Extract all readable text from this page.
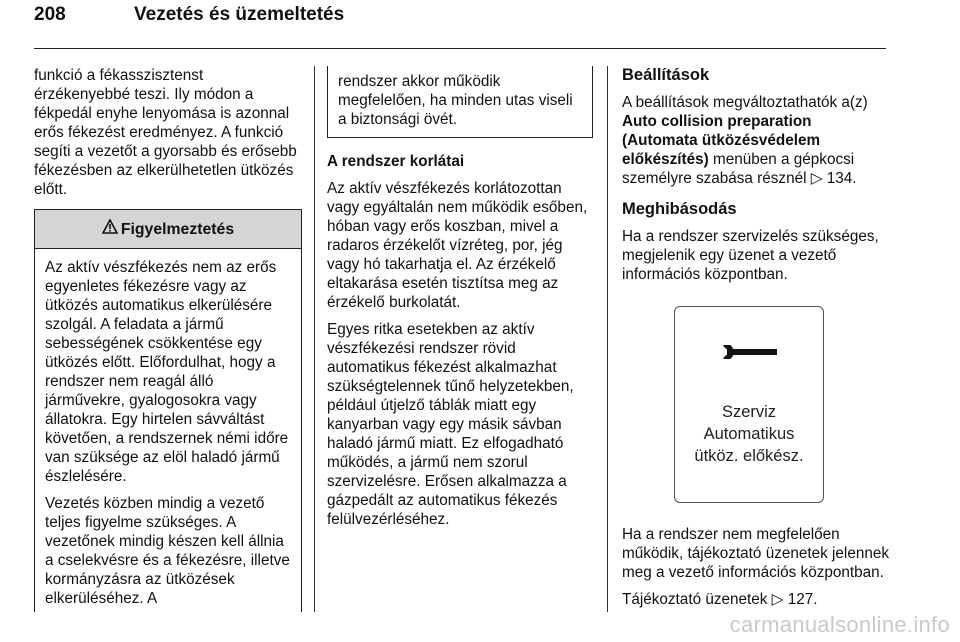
208	Vezetés és üzemeltetés

funkció a fékasszisztenst érzékenyebbé teszi. Ily módon a fékpedál enyhe lenyomása is azonnal erős fékezést eredményez. A funkció segíti a vezetőt a gyorsabb és erősebb fékezésben az elkerülhetetlen ütközés előtt.

Figyelmeztetés

Az aktív vészfékezés nem az erős egyenletes fékezésre vagy az ütközés automatikus elkerülésére szolgál. A feladata a jármű sebességének csökkentése egy ütközés előtt. Előfordulhat, hogy a rendszer nem reagál álló járművekre, gyalogosokra vagy állatokra. Egy hirtelen sávváltást követően, a rendszernek némi időre van szüksége az elöl haladó jármű észlelésére.

Vezetés közben mindig a vezető teljes figyelme szükséges. A vezetőnek mindig készen kell állnia a cselekvésre és a fékezésre, illetve kormányzásra az ütközések elkerüléséhez. A

rendszer akkor működik megfelelően, ha minden utas viseli a biztonsági övét.

A rendszer korlátai

Az aktív vészfékezés korlátozottan vagy egyáltalán nem működik esőben, hóban vagy erős koszban, mivel a radaros érzékelőt vízréteg, por, jég vagy hó takarhatja el. Az érzékelő eltakarása esetén tisztítsa meg az érzékelő burkolatát.

Egyes ritka esetekben az aktív vészfékezési rendszer rövid automatikus fékezést alkalmazhat szükségtelennek tűnő helyzetekben, például útjelző táblák miatt egy kanyarban vagy egy másik sávban haladó jármű miatt. Ez elfogadható működés, a jármű nem szorul szervizelésre. Erősen alkalmazza a gázpedált az automatikus fékezés felülvezérléséhez.

Beállítások

A beállítások megváltoztathatók a(z) Auto collision preparation (Automata ütközésvédelem előkészítés) menüben a gépkocsi személyre szabása résznél ▷ 134.

Meghibásodás

Ha a rendszer szervizelés szükséges, megjelenik egy üzenet a vezető információs központban.

Szerviz
Automatikus
ütköz. előkész.

Ha a rendszer nem megfelelően működik, tájékoztató üzenetek jelennek meg a vezető információs központban.

Tájékoztató üzenetek ▷ 127.

carmanualsonline.info
